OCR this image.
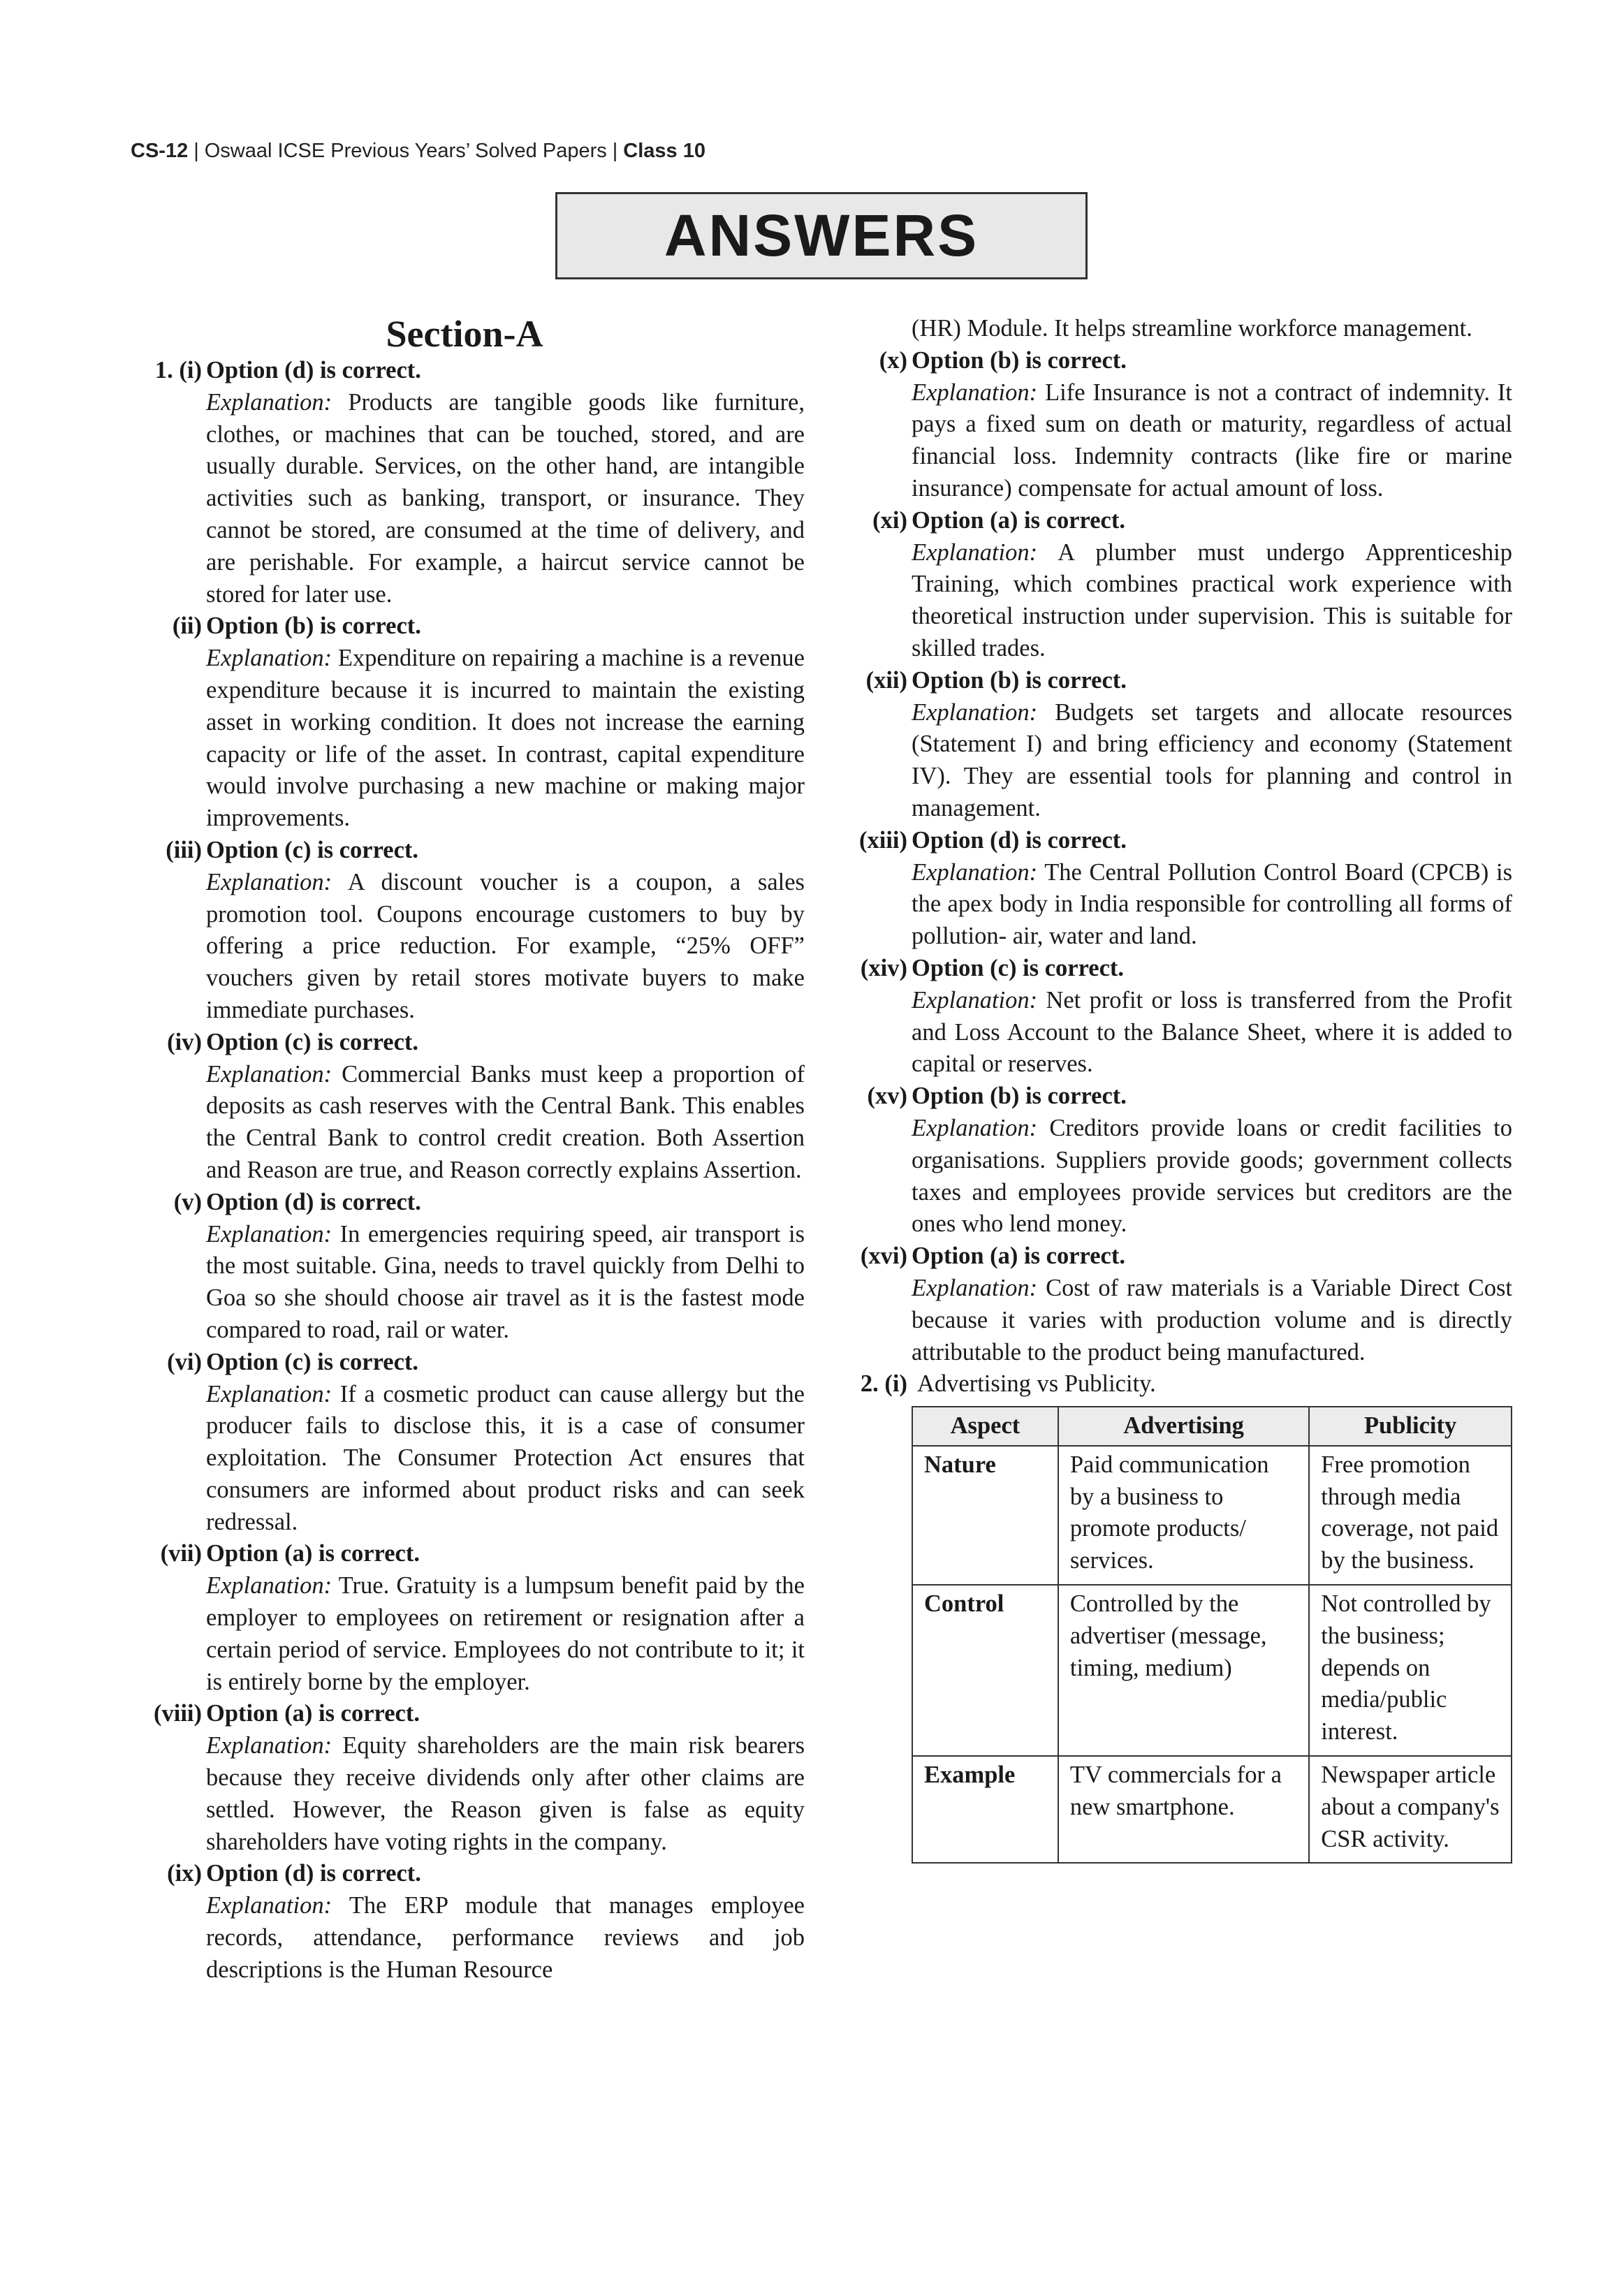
CS-12 | Oswaal ICSE Previous Years’ Solved Papers | Class 10
ANSWERS
Section-A
1. (i) Option (d) is correct.
Explanation: Products are tangible goods like furniture, clothes, or machines that can be touched, stored, and are usually durable. Services, on the other hand, are intangible activities such as banking, transport, or insurance. They cannot be stored, are consumed at the time of delivery, and are perishable. For example, a haircut service cannot be stored for later use.
(ii) Option (b) is correct.
Explanation: Expenditure on repairing a machine is a revenue expenditure because it is incurred to maintain the existing asset in working condition. It does not increase the earning capacity or life of the asset. In contrast, capital expenditure would involve purchasing a new machine or making major improvements.
(iii) Option (c) is correct.
Explanation: A discount voucher is a coupon, a sales promotion tool. Coupons encourage customers to buy by offering a price reduction. For example, “25% OFF” vouchers given by retail stores motivate buyers to make immediate purchases.
(iv) Option (c) is correct.
Explanation: Commercial Banks must keep a proportion of deposits as cash reserves with the Central Bank. This enables the Central Bank to control credit creation. Both Assertion and Reason are true, and Reason correctly explains Assertion.
(v) Option (d) is correct.
Explanation: In emergencies requiring speed, air transport is the most suitable. Gina, needs to travel quickly from Delhi to Goa so she should choose air travel as it is the fastest mode compared to road, rail or water.
(vi) Option (c) is correct.
Explanation: If a cosmetic product can cause allergy but the producer fails to disclose this, it is a case of consumer exploitation. The Consumer Protection Act ensures that consumers are informed about product risks and can seek redressal.
(vii) Option (a) is correct.
Explanation: True. Gratuity is a lumpsum benefit paid by the employer to employees on retirement or resignation after a certain period of service. Employees do not contribute to it; it is entirely borne by the employer.
(viii) Option (a) is correct.
Explanation: Equity shareholders are the main risk bearers because they receive dividends only after other claims are settled. However, the Reason given is false as equity shareholders have voting rights in the company.
(ix) Option (d) is correct.
Explanation: The ERP module that manages employee records, attendance, performance reviews and job descriptions is the Human Resource
(HR) Module. It helps streamline workforce management.
(x) Option (b) is correct.
Explanation: Life Insurance is not a contract of indemnity. It pays a fixed sum on death or maturity, regardless of actual financial loss. Indemnity contracts (like fire or marine insurance) compensate for actual amount of loss.
(xi) Option (a) is correct.
Explanation: A plumber must undergo Apprenticeship Training, which combines practical work experience with theoretical instruction under supervision. This is suitable for skilled trades.
(xii) Option (b) is correct.
Explanation: Budgets set targets and allocate resources (Statement I) and bring efficiency and economy (Statement IV). They are essential tools for planning and control in management.
(xiii) Option (d) is correct.
Explanation: The Central Pollution Control Board (CPCB) is the apex body in India responsible for controlling all forms of pollution- air, water and land.
(xiv) Option (c) is correct.
Explanation: Net profit or loss is transferred from the Profit and Loss Account to the Balance Sheet, where it is added to capital or reserves.
(xv) Option (b) is correct.
Explanation: Creditors provide loans or credit facilities to organisations. Suppliers provide goods; government collects taxes and employees provide services but creditors are the ones who lend money.
(xvi) Option (a) is correct.
Explanation: Cost of raw materials is a Variable Direct Cost because it varies with production volume and is directly attributable to the product being manufactured.
2. (i) Advertising vs Publicity.
Aspect	Advertising	Publicity
Nature	Paid communication by a business to promote products/ services.	Free promotion through media coverage, not paid by the business.
Control	Controlled by the advertiser (message, timing, medium)	Not controlled by the business; depends on media/public interest.
Example	TV commercials for a new smartphone.	Newspaper article about a company's CSR activity.
